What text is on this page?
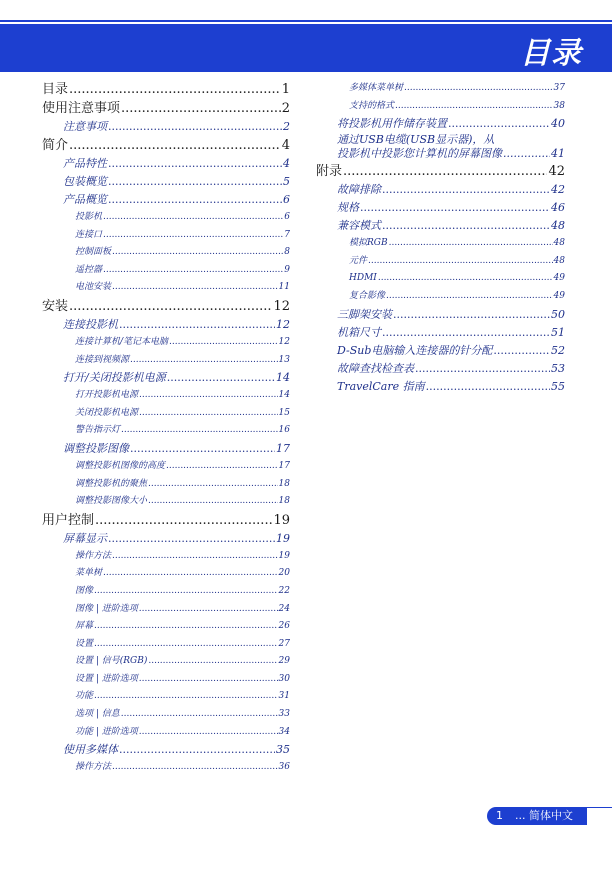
目录
目录 .....	1
使用注意事项 .....	2
注意事项 .....	2
简介 .....	4
产品特性 .....	4
包装概览 .....	5
产品概览 .....	6
投影机 .....	6
连接口 .....	7
控制面板 .....	8
遥控器 .....	9
电池安装 .....	11
安装 .....	12
连接投影机 .....	12
连接计算机/笔记本电脑 .....	12
连接到视频源 .....	13
打开/关闭投影机电源 .....	14
打开投影机电源 .....	14
关闭投影机电源 .....	15
警告指示灯 .....	16
调整投影图像 .....	17
调整投影机图像的高度 .....	17
调整投影机的聚焦 .....	18
调整投影图像大小 .....	18
用户控制 .....	19
屏幕显示 .....	19
操作方法 .....	19
菜单树 .....	20
图像 .....	22
图像 | 进阶选项 .....	24
屏幕 .....	26
设置 .....	27
设置 | 信号(RGB) .....	29
设置 | 进阶选项 .....	30
功能 .....	31
选项 | 信息 .....	33
功能 | 进阶选项 .....	34
使用多媒体 .....	35
操作方法 .....	36
多媒体菜单树 .....	37
支持的格式 .....	38
将投影机用作储存装置 .....	40
通过USB电缆(USB显示器)，从
投影机中投影您计算机的屏幕图像 .....	41
附录 .....	42
故障排除 .....	42
规格 .....	46
兼容模式 .....	48
模拟RGB .....	48
元件 .....	48
HDMI .....	49
复合影像 .....	49
三脚架安装 .....	50
机箱尺寸 .....	51
D-Sub电脑输入连接器的针分配 .....	52
故障查找检查表 .....	53
TravelCare 指南 .....	55
1 ... 简体中文
